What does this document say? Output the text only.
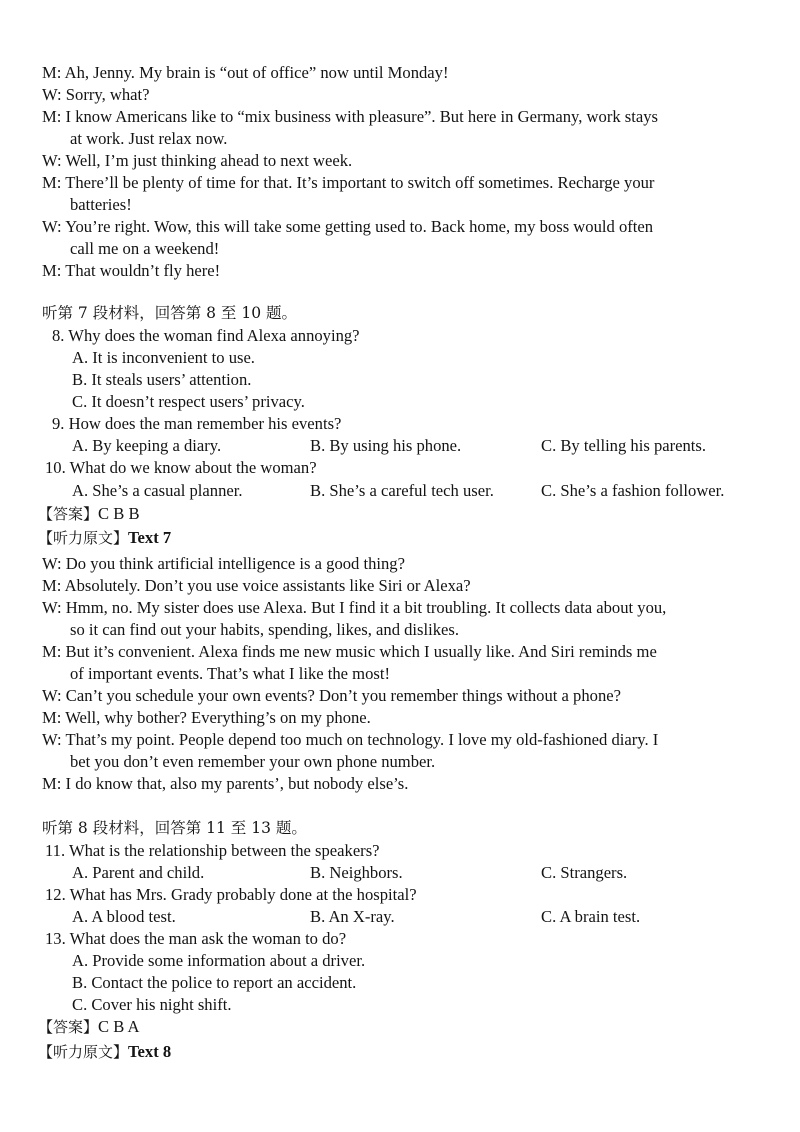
M: Ah, Jenny. My brain is “out of office” now until Monday!
W: Sorry, what?
M: I know Americans like to “mix business with pleasure”. But here in Germany, work stays
at work. Just relax now.
W: Well, I’m just thinking ahead to next week.
M: There’ll be plenty of time for that. It’s important to switch off sometimes. Recharge your
batteries!
W: You’re right. Wow, this will take some getting used to. Back home, my boss would often
call me on a weekend!
M: That wouldn’t fly here!
听第 7 段材料，回答第 8 至 10 题。
8. Why does the woman find Alexa annoying?
A. It is inconvenient to use.
B. It steals users’ attention.
C. It doesn’t respect users’ privacy.
9. How does the man remember his events?
A. By keeping a diary.	B. By using his phone.	C. By telling his parents.
10. What do we know about the woman?
A. She’s a casual planner.	B. She’s a careful tech user.	C. She’s a fashion follower.
【答案】C B B
【听力原文】Text 7
W: Do you think artificial intelligence is a good thing?
M: Absolutely. Don’t you use voice assistants like Siri or Alexa?
W: Hmm, no. My sister does use Alexa. But I find it a bit troubling. It collects data about you,
so it can find out your habits, spending, likes, and dislikes.
M: But it’s convenient. Alexa finds me new music which I usually like. And Siri reminds me
of important events. That’s what I like the most!
W: Can’t you schedule your own events? Don’t you remember things without a phone?
M: Well, why bother? Everything’s on my phone.
W: That’s my point. People depend too much on technology. I love my old-fashioned diary. I
bet you don’t even remember your own phone number.
M: I do know that, also my parents’, but nobody else’s.
听第 8 段材料，回答第 11 至 13 题。
11. What is the relationship between the speakers?
A. Parent and child.	B. Neighbors.	C. Strangers.
12. What has Mrs. Grady probably done at the hospital?
A. A blood test.	B. An X-ray.	C. A brain test.
13. What does the man ask the woman to do?
A. Provide some information about a driver.
B. Contact the police to report an accident.
C. Cover his night shift.
【答案】C B A
【听力原文】Text 8
